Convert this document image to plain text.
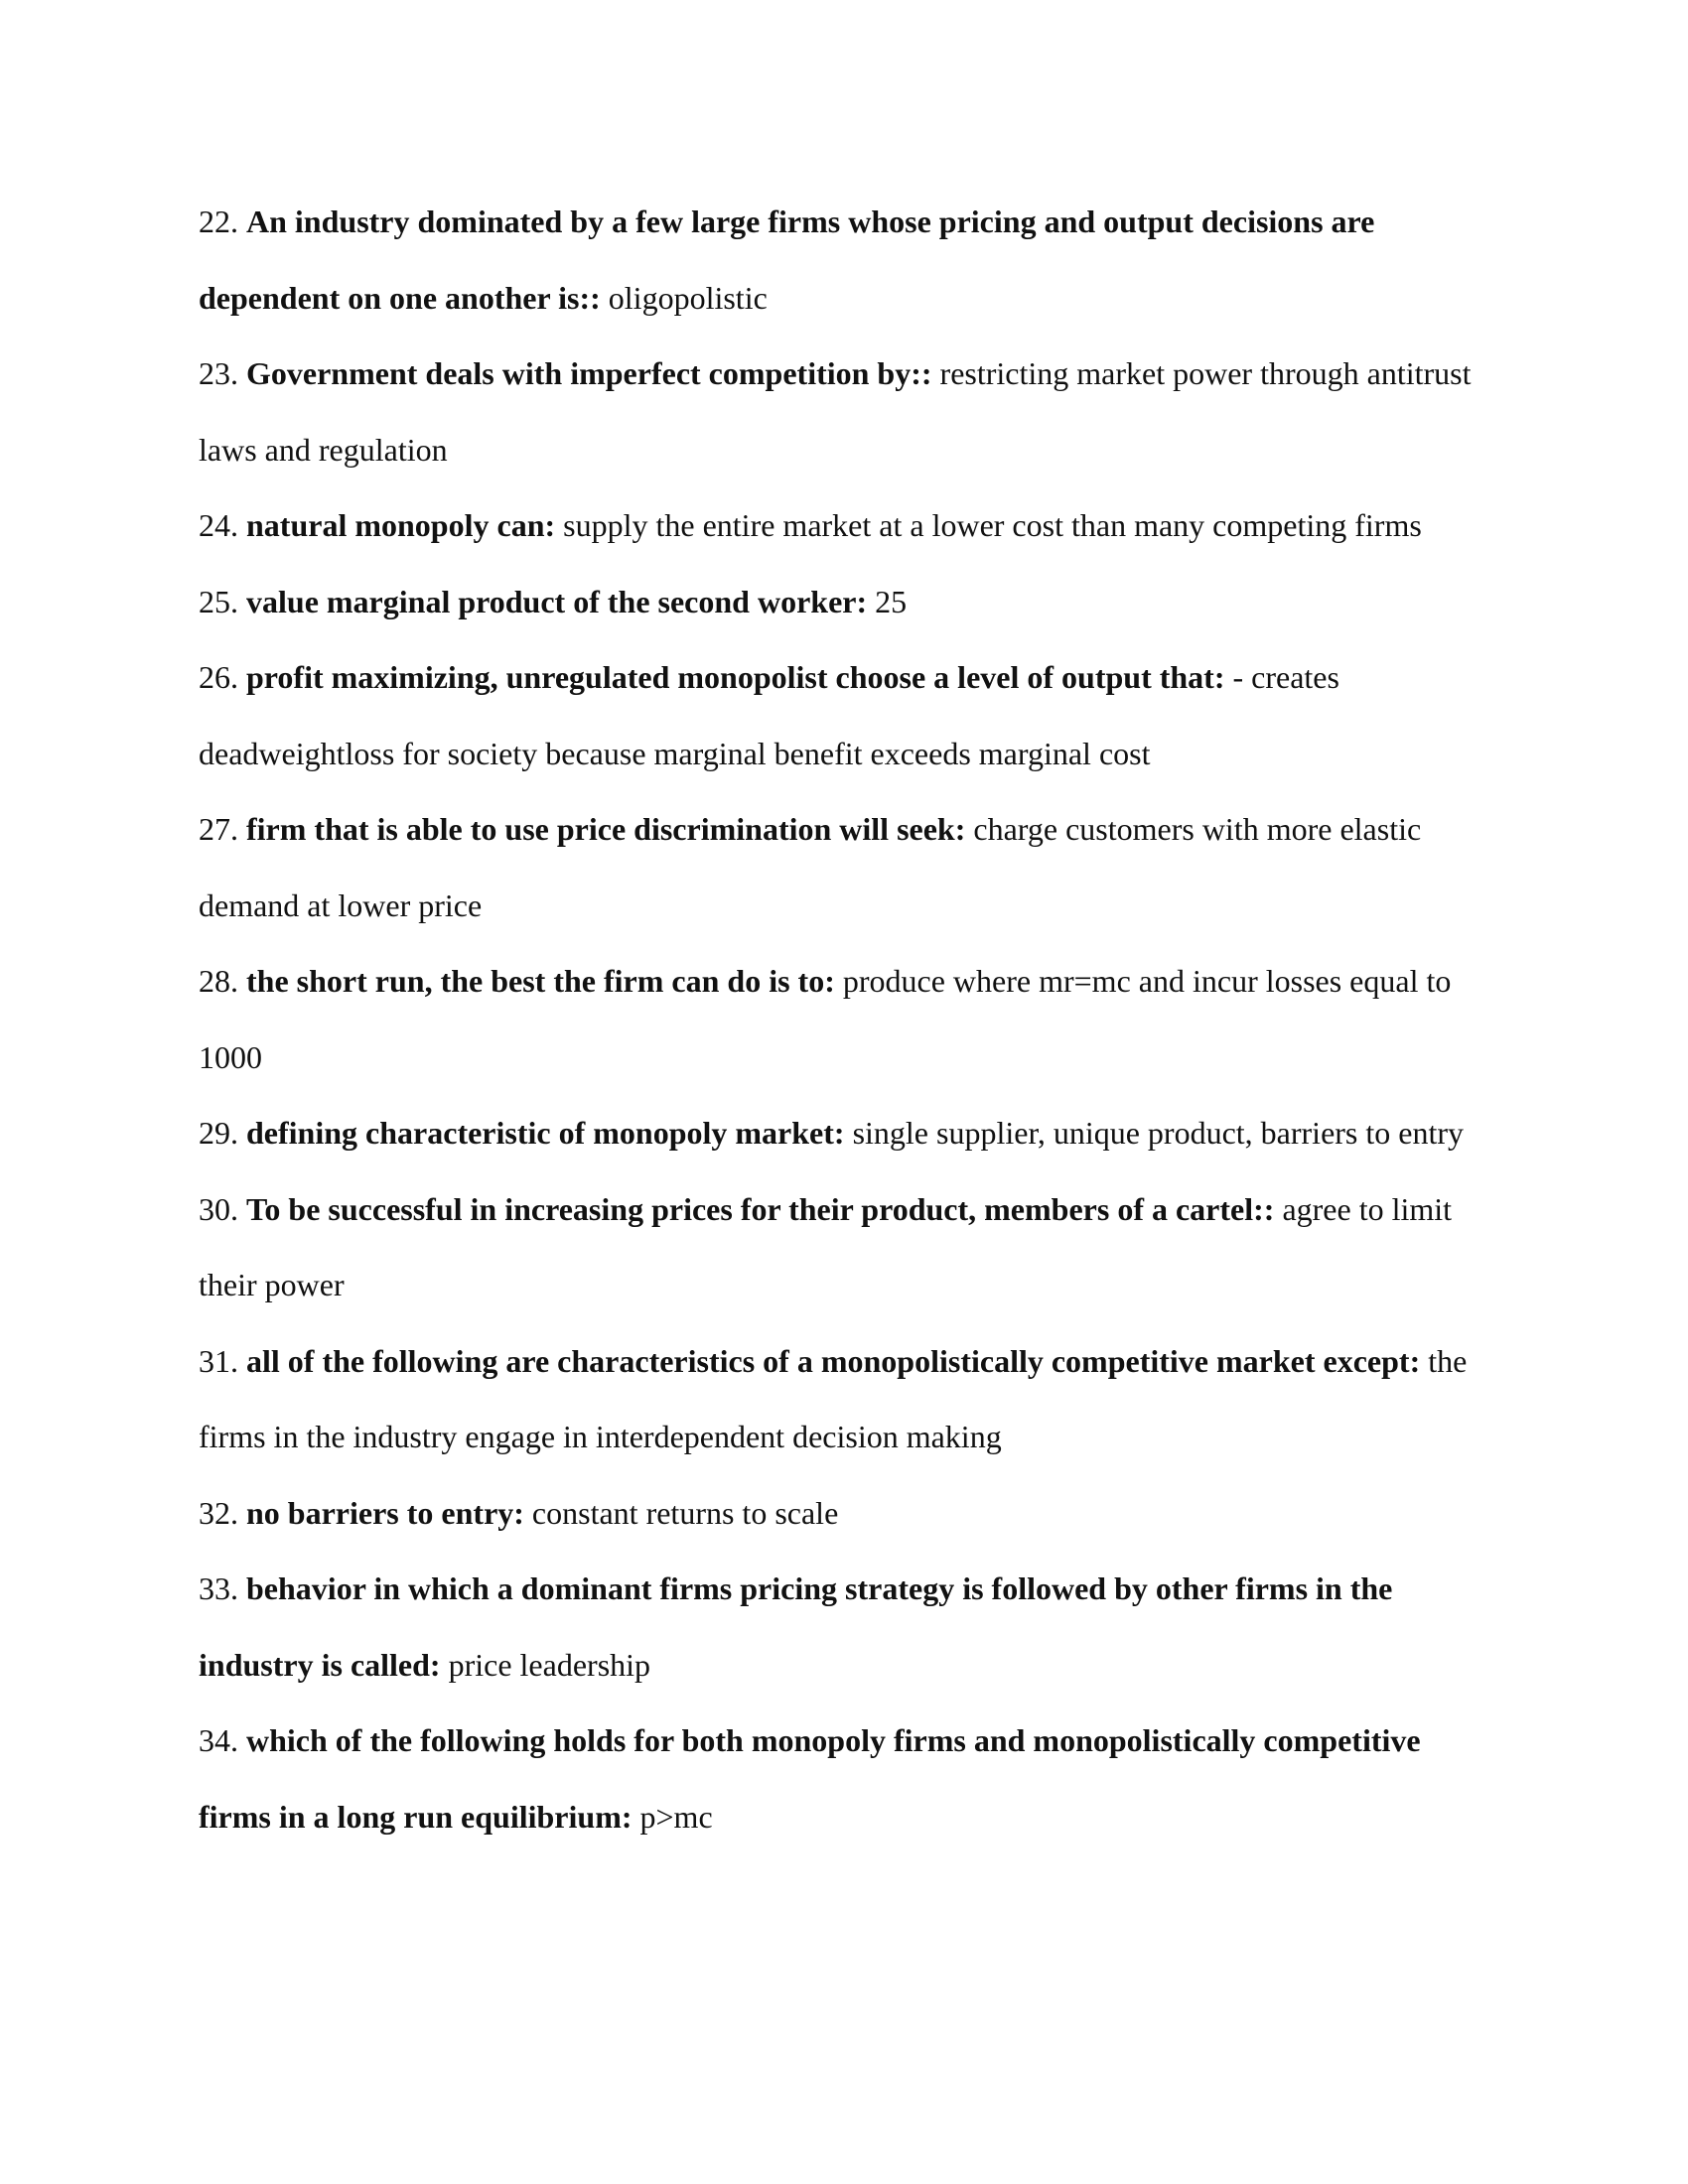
22. An industry dominated by a few large firms whose pricing and output decisions are dependent on one another is:: oligopolistic

23. Government deals with imperfect competition by:: restricting market power through antitrust laws and regulation

24. natural monopoly can: supply the entire market at a lower cost than many competing firms

25. value marginal product of the second worker: 25

26. profit maximizing, unregulated monopolist choose a level of output that: - creates deadweightloss for society because marginal benefit exceeds marginal cost

27. firm that is able to use price discrimination will seek: charge customers with more elastic demand at lower price

28. the short run, the best the firm can do is to: produce where mr=mc and incur losses equal to 1000

29. defining characteristic of monopoly market: single supplier, unique product, barriers to entry

30. To be successful in increasing prices for their product, members of a cartel:: agree to limit their power

31. all of the following are characteristics of a monopolistically competitive market except: the firms in the industry engage in interdependent decision making

32. no barriers to entry: constant returns to scale

33. behavior in which a dominant firms pricing strategy is followed by other firms in the industry is called: price leadership

34. which of the following holds for both monopoly firms and monopolistically competitive firms in a long run equilibrium: p>mc
